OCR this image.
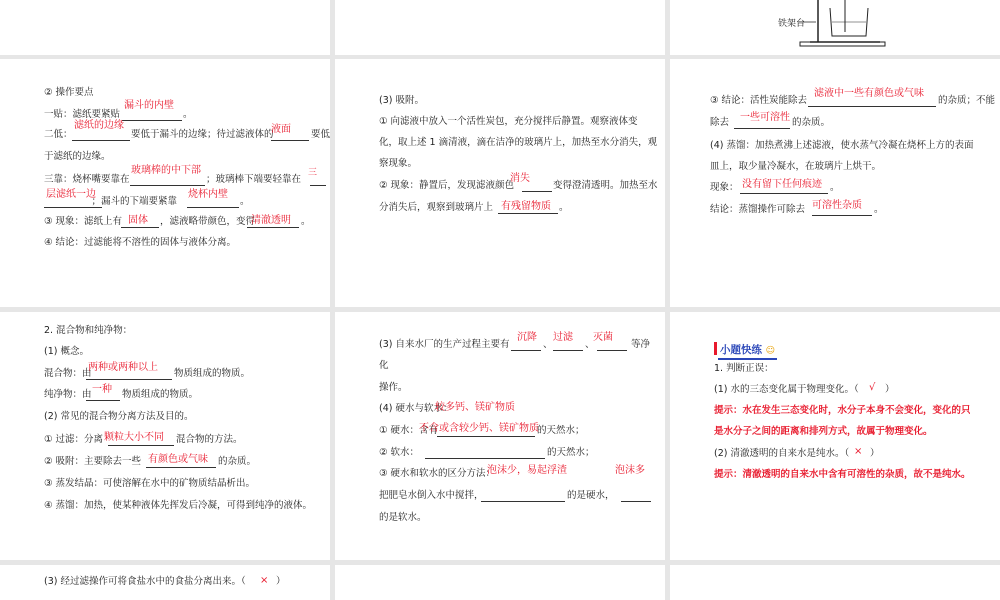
铁架台
② 操作要点
一贴：滤纸要紧贴	。
漏斗的内壁
二低：	要低于漏斗的边缘；待过滤液体的	要低
滤纸的边缘	液面
于滤纸的边缘。
三靠：烧杯嘴要靠在	；玻璃棒下端要轻靠在
玻璃棒的中下部	三
；漏斗的下端要紧靠	。
层滤纸一边	烧杯内壁
③ 现象：滤纸上有	，滤液略带颜色，变得	。
固体	清澈透明
④ 结论：过滤能将不溶性的固体与液体分离。
(3) 吸附。
① 向滤液中放入一个活性炭包，充分搅拌后静置。观察液体变
化，取上述 1 滴清液，滴在洁净的玻璃片上，加热至水分消失，观
察现象。
② 现象：静置后，发现滤液颜色	变得澄清透明。加热至水
消失
分消失后，观察到玻璃片上	。
有残留物质
③ 结论：活性炭能除去	的杂质；不能
滤液中一些有颜色或气味
除去	的杂质。
一些可溶性
(4) 蒸馏：加热煮沸上述滤液，使水蒸气冷凝在烧杯上方的表面
皿上，取少量冷凝水，在玻璃片上烘干。
现象：	。
没有留下任何痕迹
结论：蒸馏操作可除去	。
可溶性杂质
2. 混合物和纯净物：
(1) 概念。
混合物：由	物质组成的物质。
两种或两种以上
纯净物：由	物质组成的物质。
一种
(2) 常见的混合物分离方法及目的。
① 过滤：分离	混合物的方法。
颗粒大小不同
② 吸附：主要除去一些	的杂质。
有颜色或气味
③ 蒸发结晶：可使溶解在水中的矿物质结晶析出。
④ 蒸馏：加热，使某种液体先挥发后冷凝，可得到纯净的液体。
(3) 自来水厂的生产过程主要有	、	、	等净
沉降 过滤 灭菌
化
操作。
(4) 硬水与软水：
较多钙、镁矿物质
① 硬水：含有	的天然水；
不含或含较少钙、镁矿物质
② 软水：	的天然水；
③ 硬水和软水的区分方法：
泡沫少，易起浮渣	泡沫多
把肥皂水倒入水中搅拌，	的是硬水，
的是软水。
小题快练 ☺
1. 判断正误：
(1) 水的三态变化属于物理变化。（ √ ）
提示：水在发生三态变化时，水分子本身不会变化，变化的只
是水分子之间的距离和排列方式，故属于物理变化。
(2) 清澈透明的自来水是纯水。（ × ）
提示：清澈透明的自来水中含有可溶性的杂质，故不是纯水。
(3) 经过滤操作可将食盐水中的食盐分离出来。（ × ）
